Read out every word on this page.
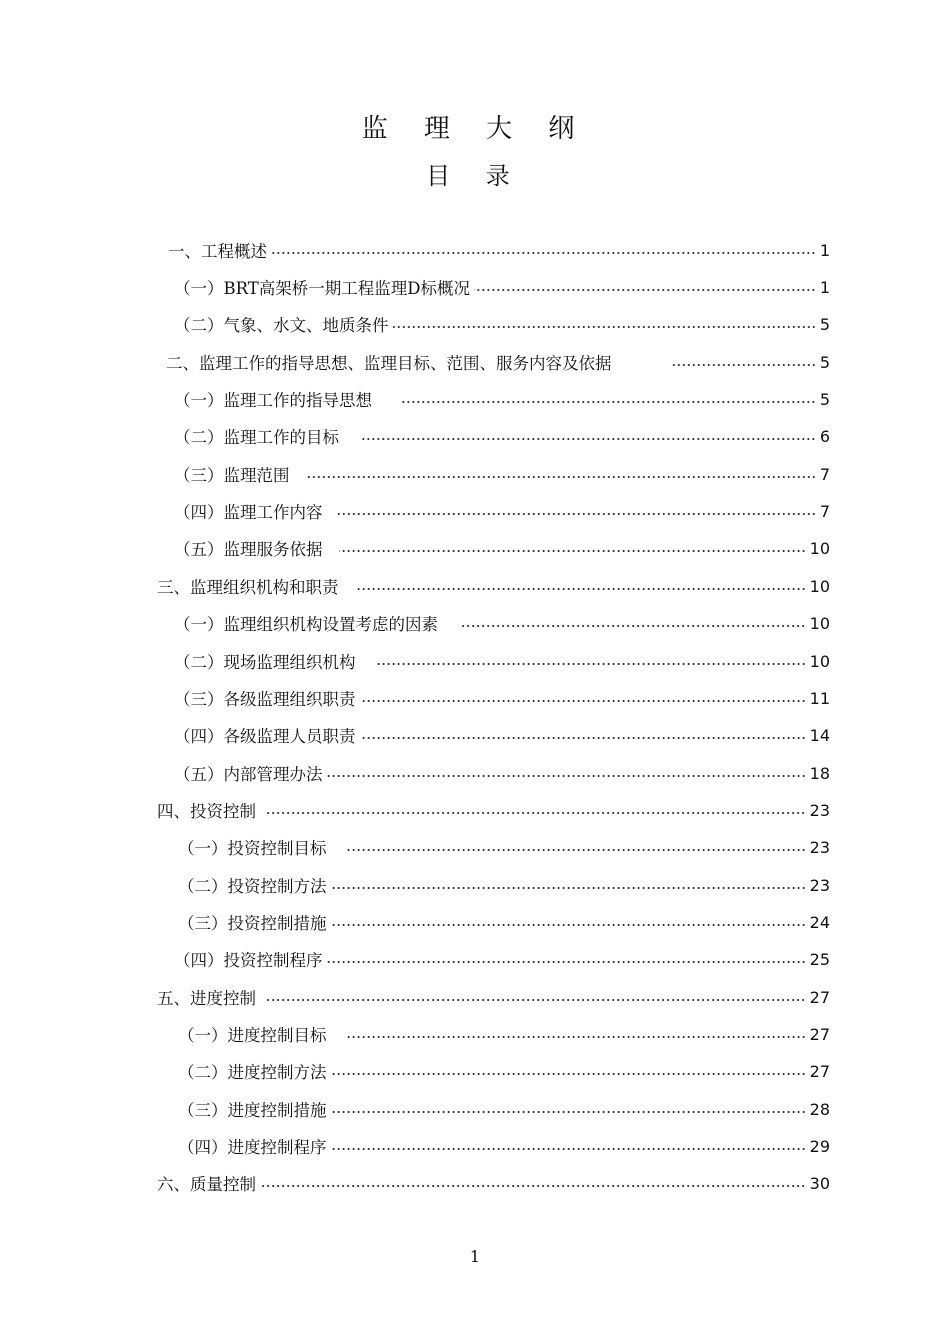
监 理 大 纲
目 录
一、工程概述	1
（一）BRT高架桥一期工程监理D标概况	1
（二）气象、水文、地质条件	5
二、监理工作的指导思想、监理目标、范围、服务内容及依据	5
（一）监理工作的指导思想	5
（二）监理工作的目标	6
（三）监理范围	7
（四）监理工作内容	7
（五）监理服务依据	10
三、监理组织机构和职责	10
（一）监理组织机构设置考虑的因素	10
（二）现场监理组织机构	10
（三）各级监理组织职责	11
（四）各级监理人员职责	14
（五）内部管理办法	18
四、投资控制	23
（一）投资控制目标	23
（二）投资控制方法	23
（三）投资控制措施	24
（四）投资控制程序	25
五、进度控制	27
（一）进度控制目标	27
（二）进度控制方法	27
（三）进度控制措施	28
（四）进度控制程序	29
六、质量控制	30
1
